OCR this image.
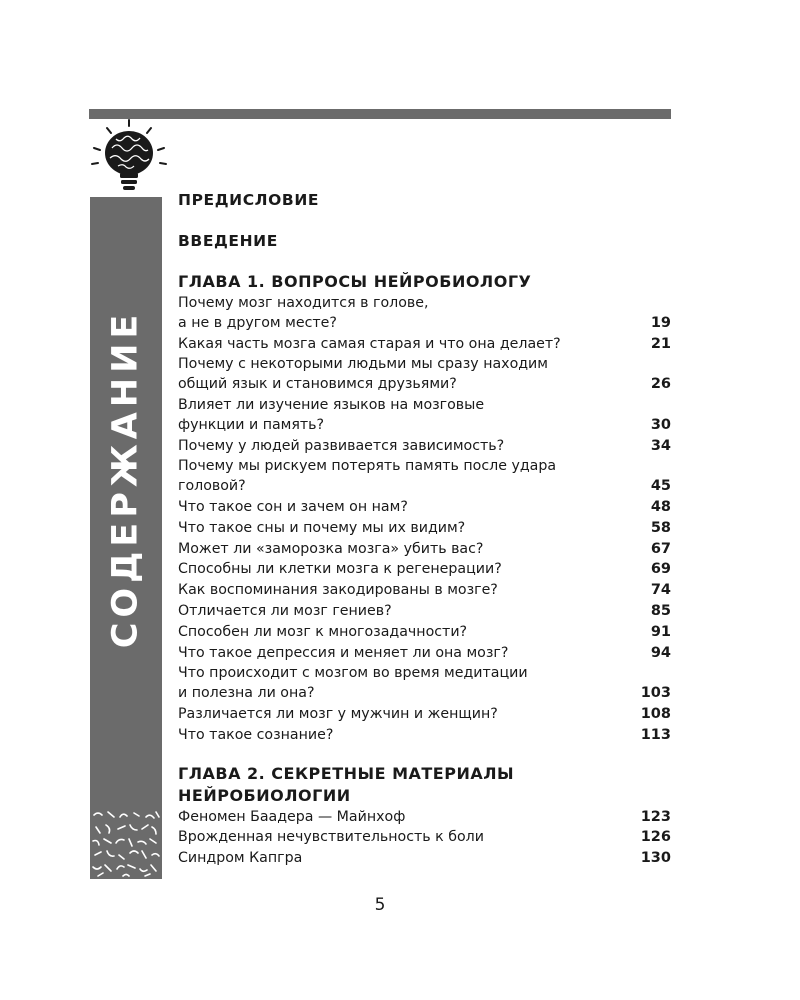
СОДЕРЖАНИЕ
ПРЕДИСЛОВИЕ
ВВЕДЕНИЕ
ГЛАВА 1. ВОПРОСЫ НЕЙРОБИОЛОГУ
Почему мозг находится в голове,
а не в другом месте?	19
Какая часть мозга самая старая и что она делает?	21
Почему с некоторыми людьми мы сразу находим
общий язык и становимся друзьями?	26
Влияет ли изучение языков на мозговые
функции и память?	30
Почему у людей развивается зависимость?	34
Почему мы рискуем потерять память после удара
головой?	45
Что такое сон и зачем он нам?	48
Что такое сны и почему мы их видим?	58
Может ли «заморозка мозга» убить вас?	67
Способны ли клетки мозга к регенерации?	69
Как воспоминания закодированы в мозге?	74
Отличается ли мозг гениев?	85
Способен ли мозг к многозадачности?	91
Что такое депрессия и меняет ли она мозг?	94
Что происходит с мозгом во время медитации
и полезна ли она?	103
Различается ли мозг у мужчин и женщин?	108
Что такое сознание?	113
ГЛАВА 2. СЕКРЕТНЫЕ МАТЕРИАЛЫ
НЕЙРОБИОЛОГИИ
Феномен Баадера — Майнхоф	123
Врожденная нечувствительность к боли	126
Синдром Капгра	130
5
